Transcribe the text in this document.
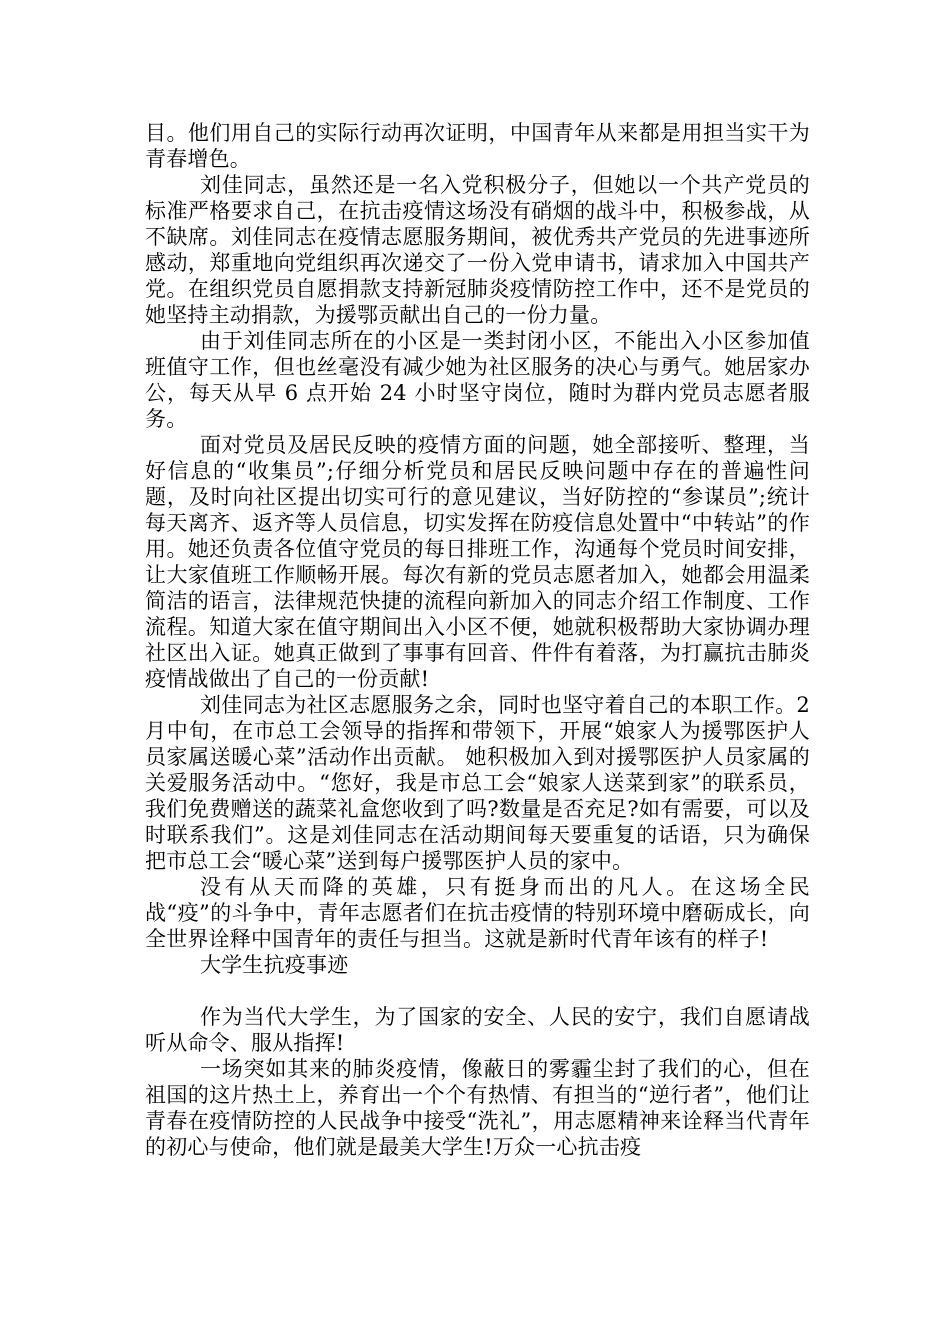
目。他们用自己的实际行动再次证明，中国青年从来都是用担当实干为青春增色。

刘佳同志，虽然还是一名入党积极分子，但她以一个共产党员的标准严格要求自己，在抗击疫情这场没有硝烟的战斗中，积极参战，从不缺席。刘佳同志在疫情志愿服务期间，被优秀共产党员的先进事迹所感动，郑重地向党组织再次递交了一份入党申请书，请求加入中国共产党。在组织党员自愿捐款支持新冠肺炎疫情防控工作中，还不是党员的她坚持主动捐款，为援鄂贡献出自己的一份力量。

由于刘佳同志所在的小区是一类封闭小区，不能出入小区参加值班值守工作，但也丝毫没有减少她为社区服务的决心与勇气。她居家办公，每天从早 6 点开始 24 小时坚守岗位，随时为群内党员志愿者服务。

面对党员及居民反映的疫情方面的问题，她全部接听、整理，当好信息的“收集员”;仔细分析党员和居民反映问题中存在的普遍性问题，及时向社区提出切实可行的意见建议，当好防控的“参谋员”;统计每天离齐、返齐等人员信息，切实发挥在防疫信息处置中“中转站”的作用。她还负责各位值守党员的每日排班工作，沟通每个党员时间安排，让大家值班工作顺畅开展。每次有新的党员志愿者加入，她都会用温柔简洁的语言，法律规范快捷的流程向新加入的同志介绍工作制度、工作流程。知道大家在值守期间出入小区不便，她就积极帮助大家协调办理社区出入证。她真正做到了事事有回音、件件有着落，为打赢抗击肺炎疫情战做出了自己的一份贡献!

刘佳同志为社区志愿服务之余，同时也坚守着自己的本职工作。2 月中旬，在市总工会领导的指挥和带领下，开展“娘家人为援鄂医护人员家属送暖心菜”活动作出贡献。 她积极加入到对援鄂医护人员家属的关爱服务活动中。“您好，我是市总工会“娘家人送菜到家”的联系员，我们免费赠送的蔬菜礼盒您收到了吗?数量是否充足?如有需要，可以及时联系我们”。这是刘佳同志在活动期间每天要重复的话语，只为确保把市总工会“暖心菜”送到每户援鄂医护人员的家中。

没有从天而降的英雄，只有挺身而出的凡人。在这场全民战“疫”的斗争中，青年志愿者们在抗击疫情的特别环境中磨砺成长，向全世界诠释中国青年的责任与担当。这就是新时代青年该有的样子!

大学生抗疫事迹

作为当代大学生，为了国家的安全、人民的安宁，我们自愿请战听从命令、服从指挥!

一场突如其来的肺炎疫情，像蔽日的雾霾尘封了我们的心，但在祖国的这片热土上，养育出一个个有热情、有担当的“逆行者”，他们让青春在疫情防控的人民战争中接受“洗礼”，用志愿精神来诠释当代青年的初心与使命，他们就是最美大学生!万众一心抗击疫
